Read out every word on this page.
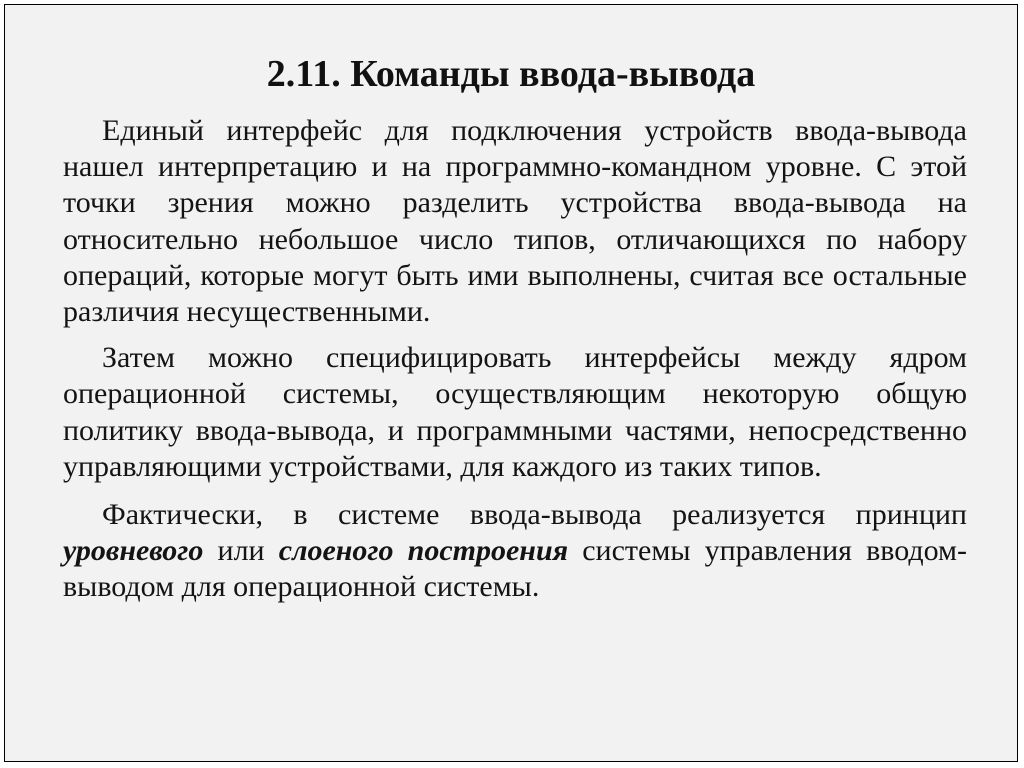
2.11. Команды ввода-вывода

Единый интерфейс для подключения устройств ввода-вывода нашел интерпретацию и на программно-командном уровне. С этой точки зрения можно разделить устройства ввода-вывода на относительно небольшое число типов, отличающихся по набору операций, которые могут быть ими выполнены, считая все остальные различия несущественными.

Затем можно специфицировать интерфейсы между ядром операционной системы, осуществляющим некоторую общую политику ввода-вывода, и программными частями, непосредственно управляющими устройствами, для каждого из таких типов.

Фактически, в системе ввода-вывода реализуется принцип уровневого или слоеного построения системы управления вводом-выводом для операционной системы.
